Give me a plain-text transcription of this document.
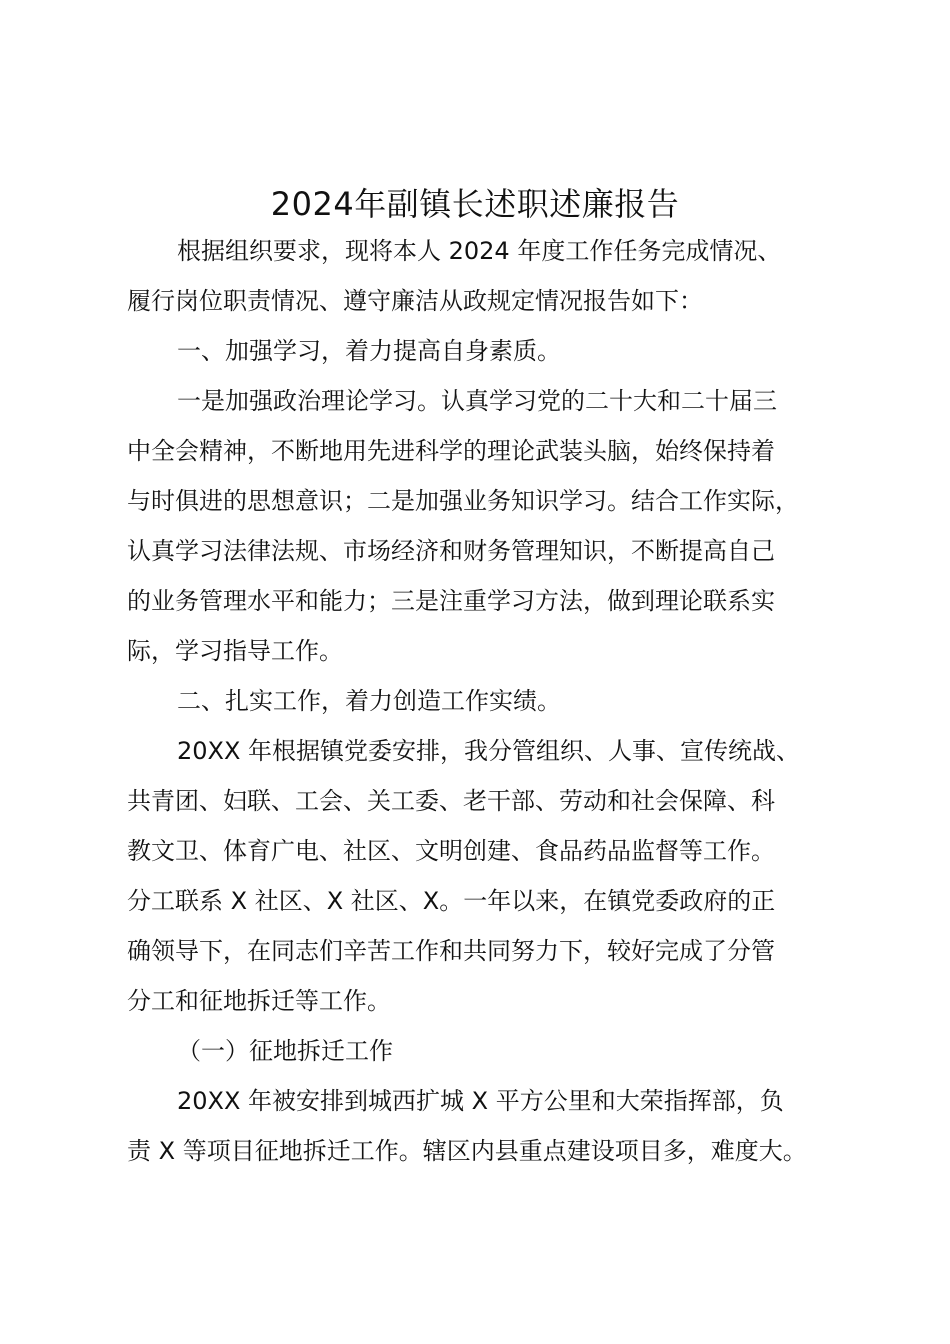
2024年副镇长述职述廉报告
根据组织要求，现将本人 2024 年度工作任务完成情况、
履行岗位职责情况、遵守廉洁从政规定情况报告如下：
一、加强学习，着力提高自身素质。
一是加强政治理论学习。认真学习党的二十大和二十届三
中全会精神，不断地用先进科学的理论武装头脑，始终保持着
与时俱进的思想意识；二是加强业务知识学习。结合工作实际，
认真学习法律法规、市场经济和财务管理知识，不断提高自己
的业务管理水平和能力；三是注重学习方法，做到理论联系实
际，学习指导工作。
二、扎实工作，着力创造工作实绩。
20XX 年根据镇党委安排，我分管组织、人事、宣传统战、
共青团、妇联、工会、关工委、老干部、劳动和社会保障、科
教文卫、体育广电、社区、文明创建、食品药品监督等工作。
分工联系 X 社区、X 社区、X。一年以来，在镇党委政府的正
确领导下，在同志们辛苦工作和共同努力下，较好完成了分管
分工和征地拆迁等工作。
（一）征地拆迁工作
20XX 年被安排到城西扩城 X 平方公里和大荣指挥部，负
责 X 等项目征地拆迁工作。辖区内县重点建设项目多，难度大。
